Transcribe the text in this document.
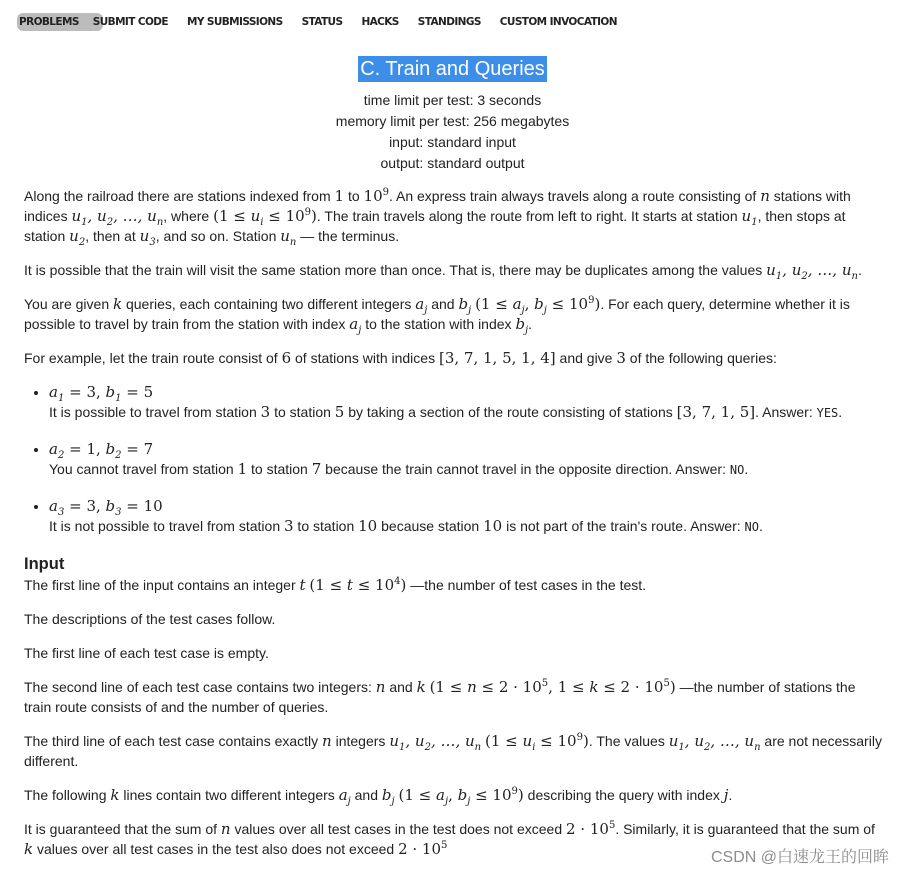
PROBLEMS	SUBMIT CODE MY SUBMISSIONS STATUS HACKS STANDINGS CUSTOM INVOCATION
C. Train and Queries
time limit per test: 3 seconds
memory limit per test: 256 megabytes
input: standard input
output: standard output

Along the railroad there are stations indexed from 1 to $10^9$. An express train always travels along a route consisting of n stations with indices $u_1$, $u_2$, …, $u_n$, where $(1 \le u_i \le 10^9)$. The train travels along the route from left to right. It starts at station $u_1$, then stops at station $u_2$, then at $u_3$, and so on. Station $u_n$ — the terminus.

It is possible that the train will visit the same station more than once. That is, there may be duplicates among the values $u_1$, $u_2$, …, $u_n$.

You are given k queries, each containing two different integers $a_j$ and $b_j$ ($1 \le a_j$, $b_j \le 10^9$). For each query, determine whether it is possible to travel by train from the station with index $a_j$ to the station with index $b_j$.

For example, let the train route consist of 6 of stations with indices [3, 7, 1, 5, 1, 4] and give 3 of the following queries:

• $a_1 = 3$, $b_1 = 5$
It is possible to travel from station 3 to station 5 by taking a section of the route consisting of stations [3, 7, 1, 5]. Answer: YES.
• $a_2 = 1$, $b_2 = 7$
You cannot travel from station 1 to station 7 because the train cannot travel in the opposite direction. Answer: NO.
• $a_3 = 3$, $b_3 = 10$
It is not possible to travel from station 3 to station 10 because station 10 is not part of the train's route. Answer: NO.
Input

The first line of the input contains an integer t $(1 \le t \le 10^4)$ —the number of test cases in the test.

The descriptions of the test cases follow.

The first line of each test case is empty.

The second line of each test case contains two integers: n and k ($1 \le n \le 2 \cdot 10^5$, $1 \le k \le 2 \cdot 10^5$) —the number of stations the train route consists of and the number of queries.

The third line of each test case contains exactly n integers $u_1$, $u_2$, …, $u_n$ $(1 \le u_i \le 10^9)$. The values $u_1$, $u_2$, …, $u_n$ are not necessarily different.

The following k lines contain two different integers $a_j$ and $b_j$ ($1 \le a_j$, $b_j \le 10^9$) describing the query with index j.

It is guaranteed that the sum of n values over all test cases in the test does not exceed $2 \cdot 10^5$. Similarly, it is guaranteed that the sum of k values over all test cases in the test also does not exceed $2 \cdot 10^5$

CSDN @白速龙王的回眸
